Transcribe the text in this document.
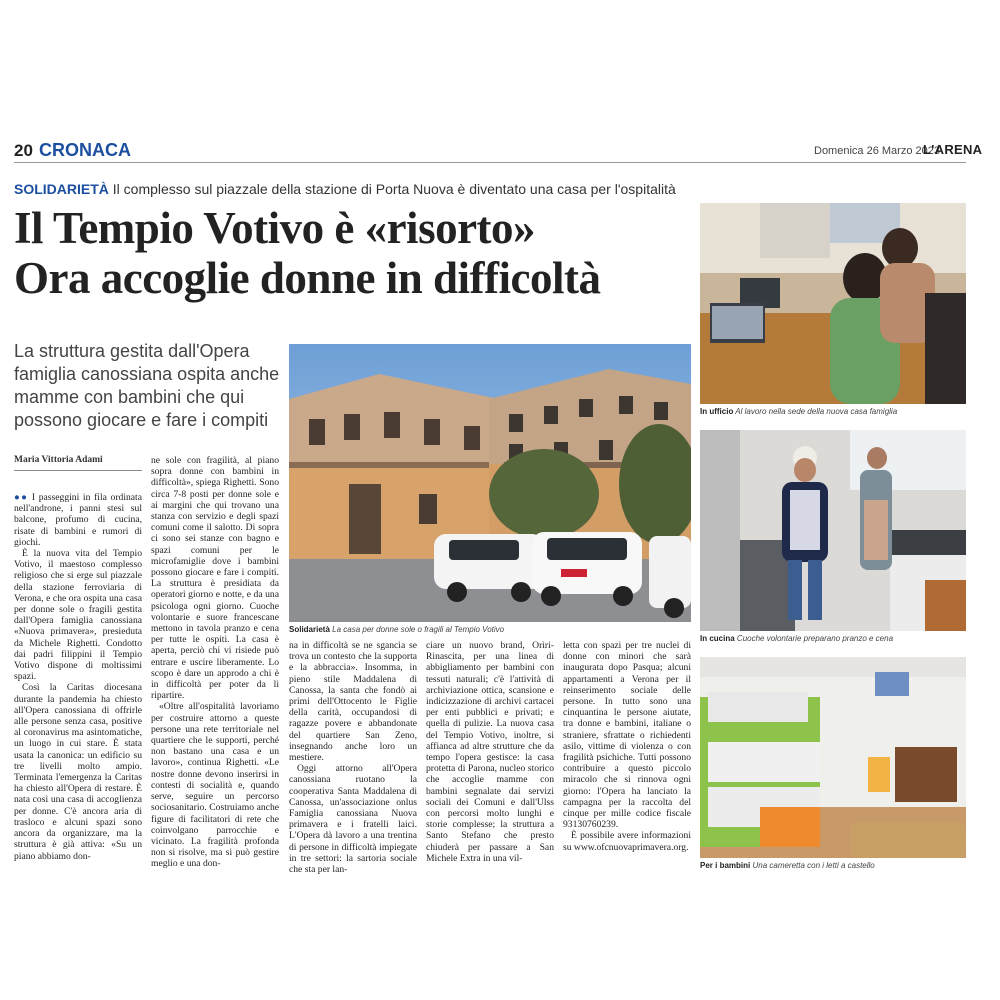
20 CRONACA	Domenica 26 Marzo 2023
L'ARENA
SOLIDARIETÀ Il complesso sul piazzale della stazione di Porta Nuova è diventato una casa per l'ospitalità
Il Tempio Votivo è «risorto»
Ora accoglie donne in difficoltà
La struttura gestita dall'Opera famiglia canossiana ospita anche mamme con bambini che qui possono giocare e fare i compiti
Maria Vittoria Adami
Solidarietà La casa per donne sole o fragili al Tempio Votivo
In ufficio Al lavoro nella sede della nuova casa famiglia
In cucina Cuoche volontarie preparano pranzo e cena
Per i bambini Una cameretta con i letti a castello

●● I passeggini in fila ordinata nell'androne, i panni stesi sul balcone, profumo di cucina, risate di bambini e rumori di giochi.

È la nuova vita del Tempio Votivo, il maestoso complesso religioso che si erge sul piazzale della stazione ferroviaria di Verona, e che ora ospita una casa per donne sole o fragili gestita dall'Opera famiglia canossiana «Nuova primavera», presieduta da Michele Righetti. Condotto dai padri filippini il Tempio Votivo dispone di moltissimi spazi.

Così la Caritas diocesana durante la pandemia ha chiesto all'Opera canossiana di offrirle alle persone senza casa, positive al coronavirus ma asintomatiche, un luogo in cui stare. È stata usata la canonica: un edificio su tre livelli molto ampio. Terminata l'emergenza la Caritas ha chiesto all'Opera di restare. È nata così una casa di accoglienza per donne. C'è ancora aria di trasloco e alcuni spazi sono ancora da organizzare, ma la struttura è già attiva: «Su un piano abbiamo don-

ne sole con fragilità, al piano sopra donne con bambini in difficoltà», spiega Righetti. Sono circa 7-8 posti per donne sole e ai margini che qui trovano una stanza con servizio e degli spazi comuni come il salotto. Di sopra ci sono sei stanze con bagno e spazi comuni per le microfamiglie dove i bambini possono giocare e fare i compiti. La struttura è presidiata da operatori giorno e notte, e da una psicologa ogni giorno. Cuoche volontarie e suore francescane mettono in tavola pranzo e cena per tutte le ospiti. La casa è aperta, perciò chi vi risiede può entrare e uscire liberamente. Lo scopo è dare un approdo a chi è in difficoltà per poter da lì ripartire.

«Oltre all'ospitalità lavoriamo per costruire attorno a queste persone una rete territoriale nel quartiere che le supporti, perché non bastano una casa e un lavoro», continua Righetti. «Le nostre donne devono inserirsi in contesti di socialità e, quando serve, seguire un percorso sociosanitario. Costruiamo anche figure di facilitatori di rete che coinvolgano parrocchie e vicinato. La fragilità profonda non si risolve, ma si può gestire meglio e una don-

na in difficoltà se ne sgancia se trova un contesto che la supporta e la abbraccia». Insomma, in pieno stile Maddalena di Canossa, la santa che fondò ai primi dell'Ottocento le Figlie della carità, occupandosi di ragazze povere e abbandonate del quartiere San Zeno, insegnando anche loro un mestiere.

Oggi attorno all'Opera canossiana ruotano la cooperativa Santa Maddalena di Canossa, un'associazione onlus Famiglia canossiana Nuova primavera e i fratelli laici. L'Opera dà lavoro a una trentina di persone in difficoltà impiegate in tre settori: la sartoria sociale che sta per lan-

ciare un nuovo brand, Orìri-Rinascita, per una linea di abbigliamento per bambini con tessuti naturali; c'è l'attività di archiviazione ottica, scansione e indicizzazione di archivi cartacei per enti pubblici e privati; e quella di pulizie. La nuova casa del Tempio Votivo, inoltre, si affianca ad altre strutture che da tempo l'opera gestisce: la casa protetta di Parona, nucleo storico che accoglie mamme con bambini segnalate dai servizi sociali dei Comuni e dall'Ulss con percorsi molto lunghi e storie complesse; la struttura a Santo Stefano che presto chiuderà per passare a San Michele Extra in una vil-

letta con spazi per tre nuclei di donne con minori che sarà inaugurata dopo Pasqua; alcuni appartamenti a Verona per il reinserimento sociale delle persone. In tutto sono una cinquantina le persone aiutate, tra donne e bambini, italiane o straniere, sfrattate o richiedenti asilo, vittime di violenza o con fragilità psichiche. Tutti possono contribuire a questo piccolo miracolo che si rinnova ogni giorno: l'Opera ha lanciato la campagna per la raccolta del cinque per mille codice fiscale 93130760239.

È possibile avere informazioni su www.ofcnuovaprimavera.org.
